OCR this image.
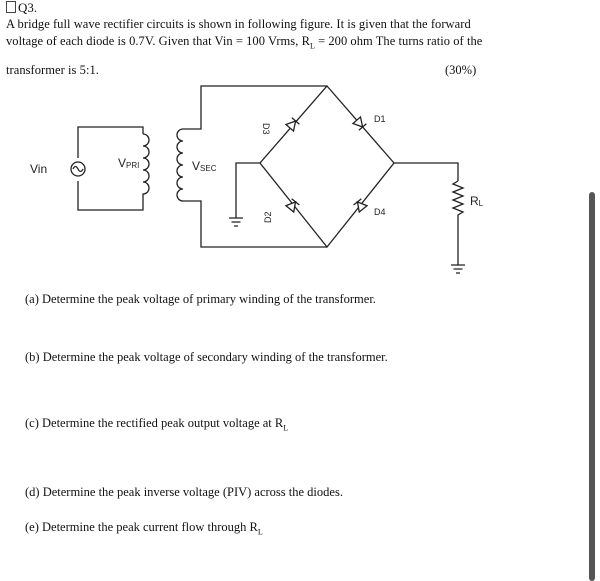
Q3.
A bridge full wave rectifier circuits is shown in following figure. It is given that the forward
voltage of each diode is 0.7V. Given that Vin = 100 Vrms, $R_L = 200$ ohm The turns ratio of the
transformer is 5:1.	(30%)
Vin	VPRI	VSEC
D3
D1
D2	D4
RL
(a) Determine the peak voltage of primary winding of the transformer.
(b) Determine the peak voltage of secondary winding of the transformer.
(c) Determine the rectified peak output voltage at $R_L$
(d) Determine the peak inverse voltage (PIV) across the diodes.
(e) Determine the peak current flow through $R_L$
